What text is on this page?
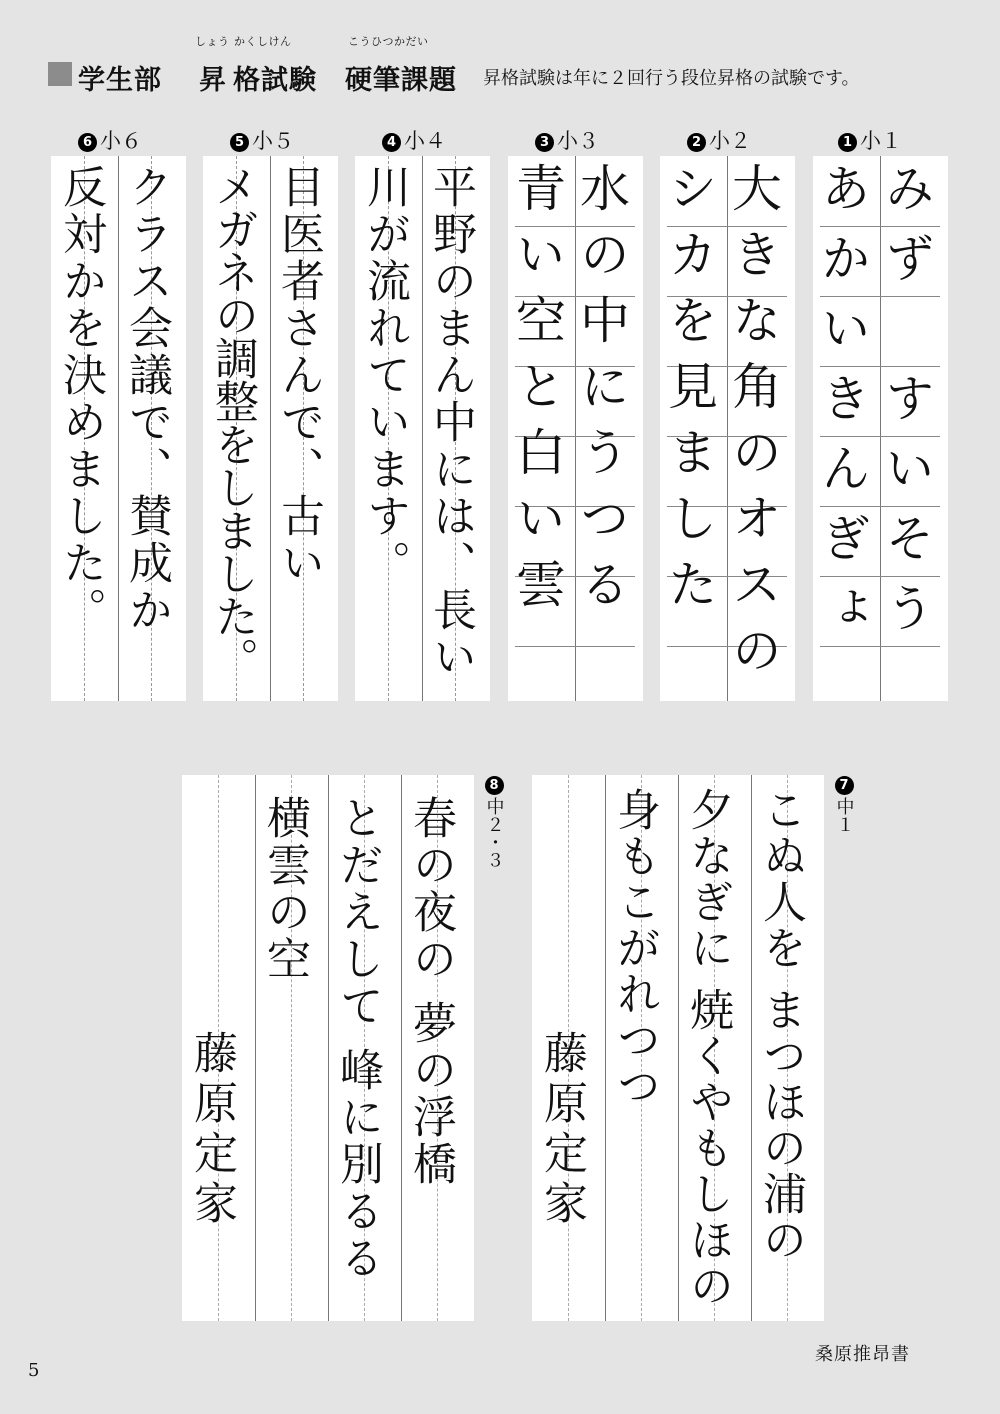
学生部
しょう
昇
かくしけん
格試験
こうひつかだい
硬筆課題 昇格試験は年に２回行う段位昇格の試験です。
1 小１
2 小２
3 小３
4 小４
5 小５
6 小６
みず　すいそう
あかいきんぎょ
大きな角のオスの
シカを見ました
水の中にうつる
青い空と白い雲
平野のまん中には、長い
川が流れています。
目医者さんで、古い
メガネの調整をしました。
クラス会議で、賛成か
反対かを決めました。
7
中１
こぬ人を まつほの浦の
夕なぎに 焼くやもしほの
身もこがれつつ
藤原定家
8
中２・３
春の夜の 夢の浮橋
とだえして 峰に別るる
横雲の空
藤原定家
桑原推昂書
5
